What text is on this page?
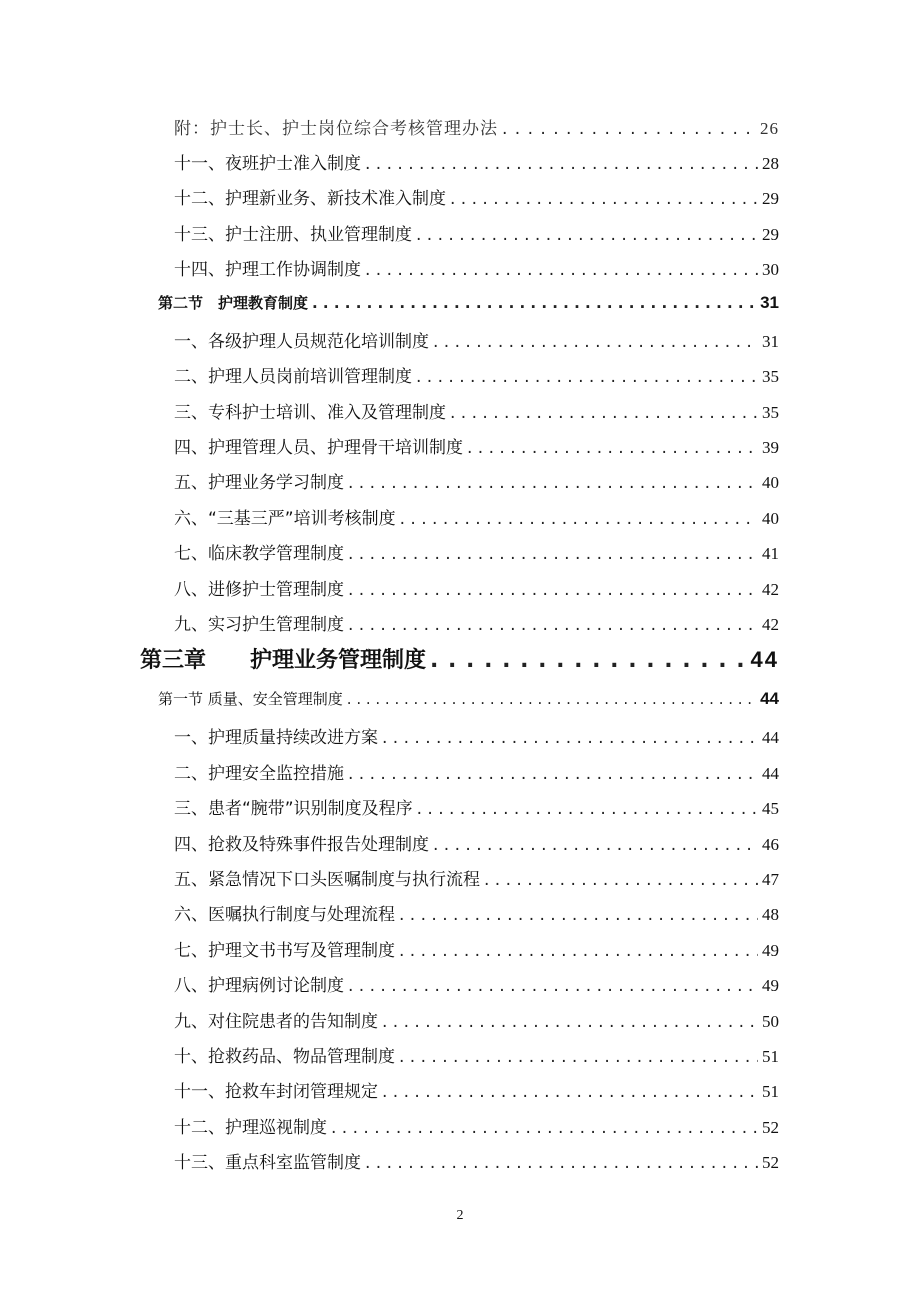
附：护士长、护士岗位综合考核管理办法 . . .	26
十一、夜班护士准入制度 . . .	28
十二、护理新业务、新技术准入制度 . . .	29
十三、护士注册、执业管理制度 . . .	29
十四、护理工作协调制度 . . .	30
第二节　护理教育制度 . . .	31
一、各级护理人员规范化培训制度 . . .	31
二、护理人员岗前培训管理制度 . . .	35
三、专科护士培训、准入及管理制度 . . .	35
四、护理管理人员、护理骨干培训制度 . . .	39
五、护理业务学习制度 . . .	40
六、“三基三严”培训考核制度 . . .	40
七、临床教学管理制度 . . .	41
八、进修护士管理制度 . . .	42
九、实习护生管理制度 . . .	42
第三章　　护理业务管理制度 . . .	44
第一节 质量、安全管理制度 . . .	44
一、护理质量持续改进方案 . . .	44
二、护理安全监控措施 . . .	44
三、患者“腕带”识别制度及程序 . . .	45
四、抢救及特殊事件报告处理制度 . . .	46
五、紧急情况下口头医嘱制度与执行流程 . . .	47
六、医嘱执行制度与处理流程 . . .	48
七、护理文书书写及管理制度 . . .	49
八、护理病例讨论制度 . . .	49
九、对住院患者的告知制度 . . .	50
十、抢救药品、物品管理制度 . . .	51
十一、抢救车封闭管理规定 . . .	51
十二、护理巡视制度 . . .	52
十三、重点科室监管制度 . . .	52
2
